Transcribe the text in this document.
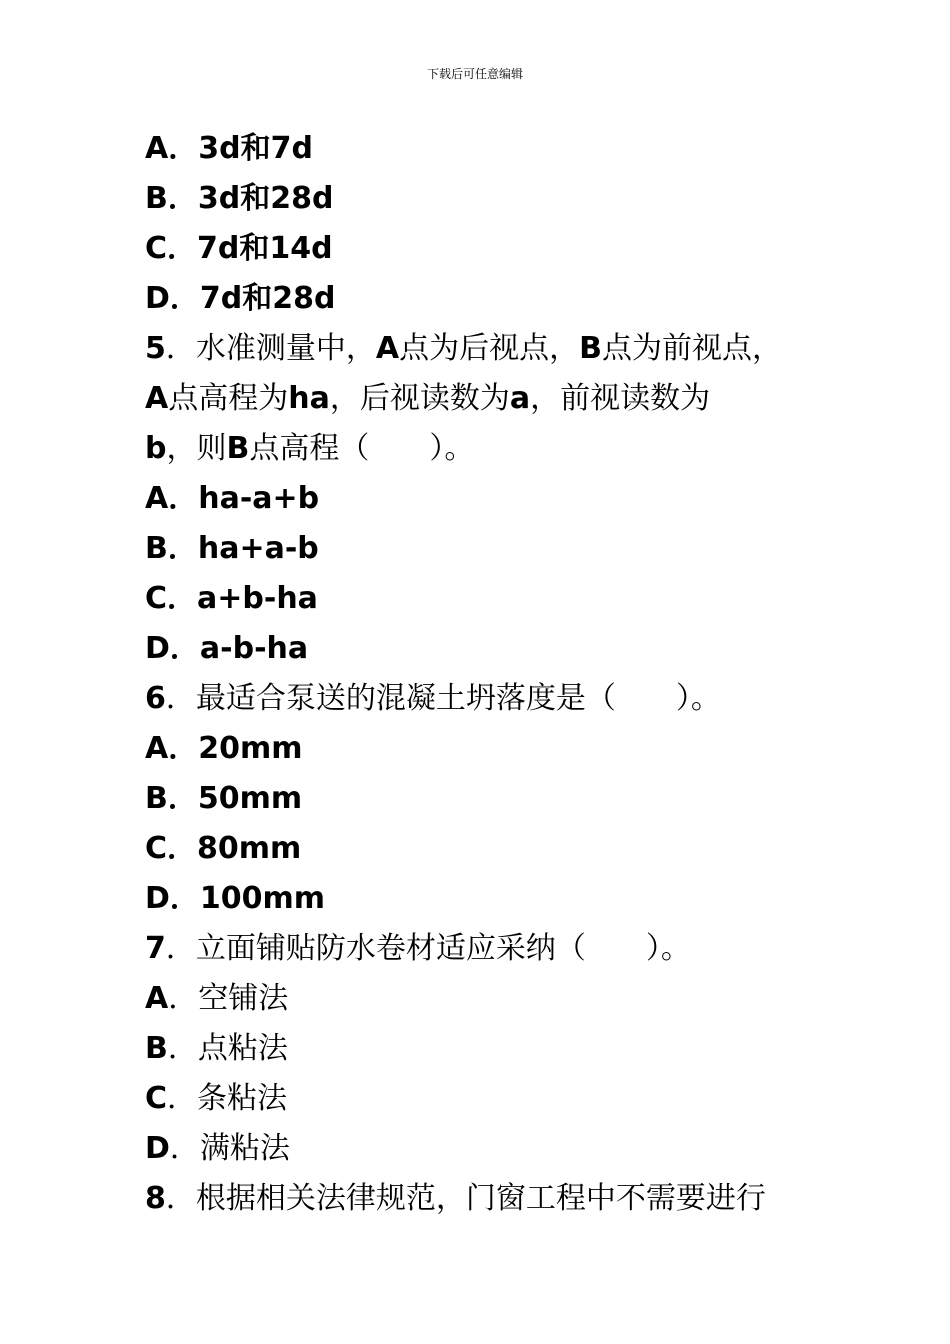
下载后可任意编辑
A．3d和7d
B．3d和28d
C．7d和14d
D．7d和28d
5．水准测量中，A点为后视点，B点为前视点，
A点高程为ha，后视读数为a，前视读数为
b，则B点高程（　　）。
A．ha-a+b
B．ha+a-b
C．a+b-ha
D．a-b-ha
6．最适合泵送的混凝土坍落度是（　　）。
A．20mm
B．50mm
C．80mm
D．100mm
7．立面铺贴防水卷材适应采纳（　　）。
A．空铺法
B．点粘法
C．条粘法
D．满粘法
8．根据相关法律规范，门窗工程中不需要进行
